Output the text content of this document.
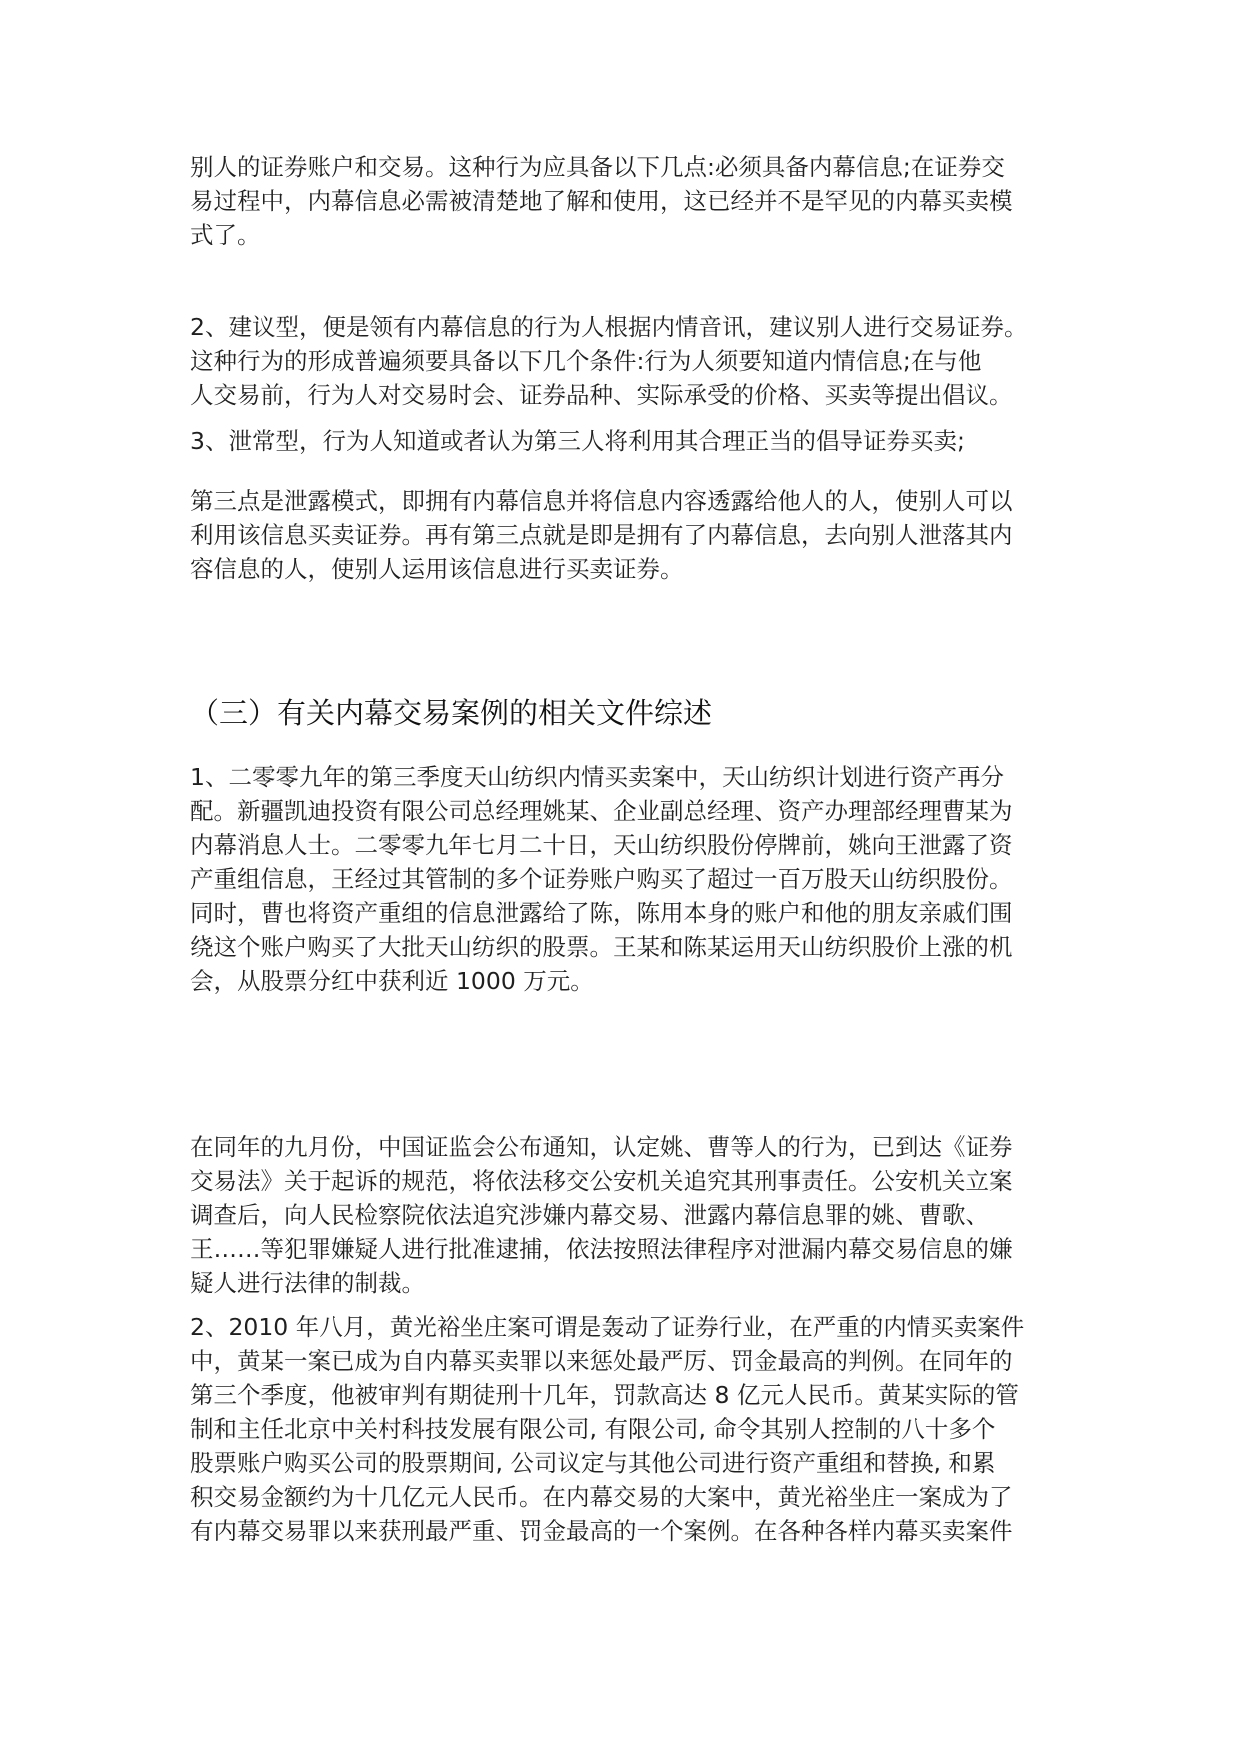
别人的证券账户和交易。这种行为应具备以下几点:必须具备内幕信息;在证券交
易过程中，内幕信息必需被清楚地了解和使用，这已经并不是罕见的内幕买卖模
式了。
2、建议型，便是领有内幕信息的行为人根据内情音讯，建议别人进行交易证券。
这种行为的形成普遍须要具备以下几个条件:行为人须要知道内情信息;在与他
人交易前，行为人对交易时会、证券品种、实际承受的价格、买卖等提出倡议。
3、泄常型，行为人知道或者认为第三人将利用其合理正当的倡导证券买卖;
第三点是泄露模式，即拥有内幕信息并将信息内容透露给他人的人，使别人可以
利用该信息买卖证券。再有第三点就是即是拥有了内幕信息，去向别人泄落其内
容信息的人，使别人运用该信息进行买卖证券。
（三）有关内幕交易案例的相关文件综述
1、二零零九年的第三季度天山纺织内情买卖案中，天山纺织计划进行资产再分
配。新疆凯迪投资有限公司总经理姚某、企业副总经理、资产办理部经理曹某为
内幕消息人士。二零零九年七月二十日，天山纺织股份停牌前，姚向王泄露了资
产重组信息，王经过其管制的多个证券账户购买了超过一百万股天山纺织股份。
同时，曹也将资产重组的信息泄露给了陈，陈用本身的账户和他的朋友亲戚们围
绕这个账户购买了大批天山纺织的股票。王某和陈某运用天山纺织股价上涨的机
会，从股票分红中获利近 1000 万元。
在同年的九月份，中国证监会公布通知，认定姚、曹等人的行为，已到达《证券
交易法》关于起诉的规范，将依法移交公安机关追究其刑事责任。公安机关立案
调查后，向人民检察院依法追究涉嫌内幕交易、泄露内幕信息罪的姚、曹歌、
王……等犯罪嫌疑人进行批准逮捕，依法按照法律程序对泄漏内幕交易信息的嫌
疑人进行法律的制裁。
2、2010 年八月，黄光裕坐庄案可谓是轰动了证券行业，在严重的内情买卖案件
中，黄某一案已成为自内幕买卖罪以来惩处最严厉、罚金最高的判例。在同年的
第三个季度，他被审判有期徒刑十几年，罚款高达 8 亿元人民币。黄某实际的管
制和主任北京中关村科技发展有限公司, 有限公司, 命令其别人控制的八十多个
股票账户购买公司的股票期间, 公司议定与其他公司进行资产重组和替换, 和累
积交易金额约为十几亿元人民币。在内幕交易的大案中，黄光裕坐庄一案成为了
有内幕交易罪以来获刑最严重、罚金最高的一个案例。在各种各样内幕买卖案件
